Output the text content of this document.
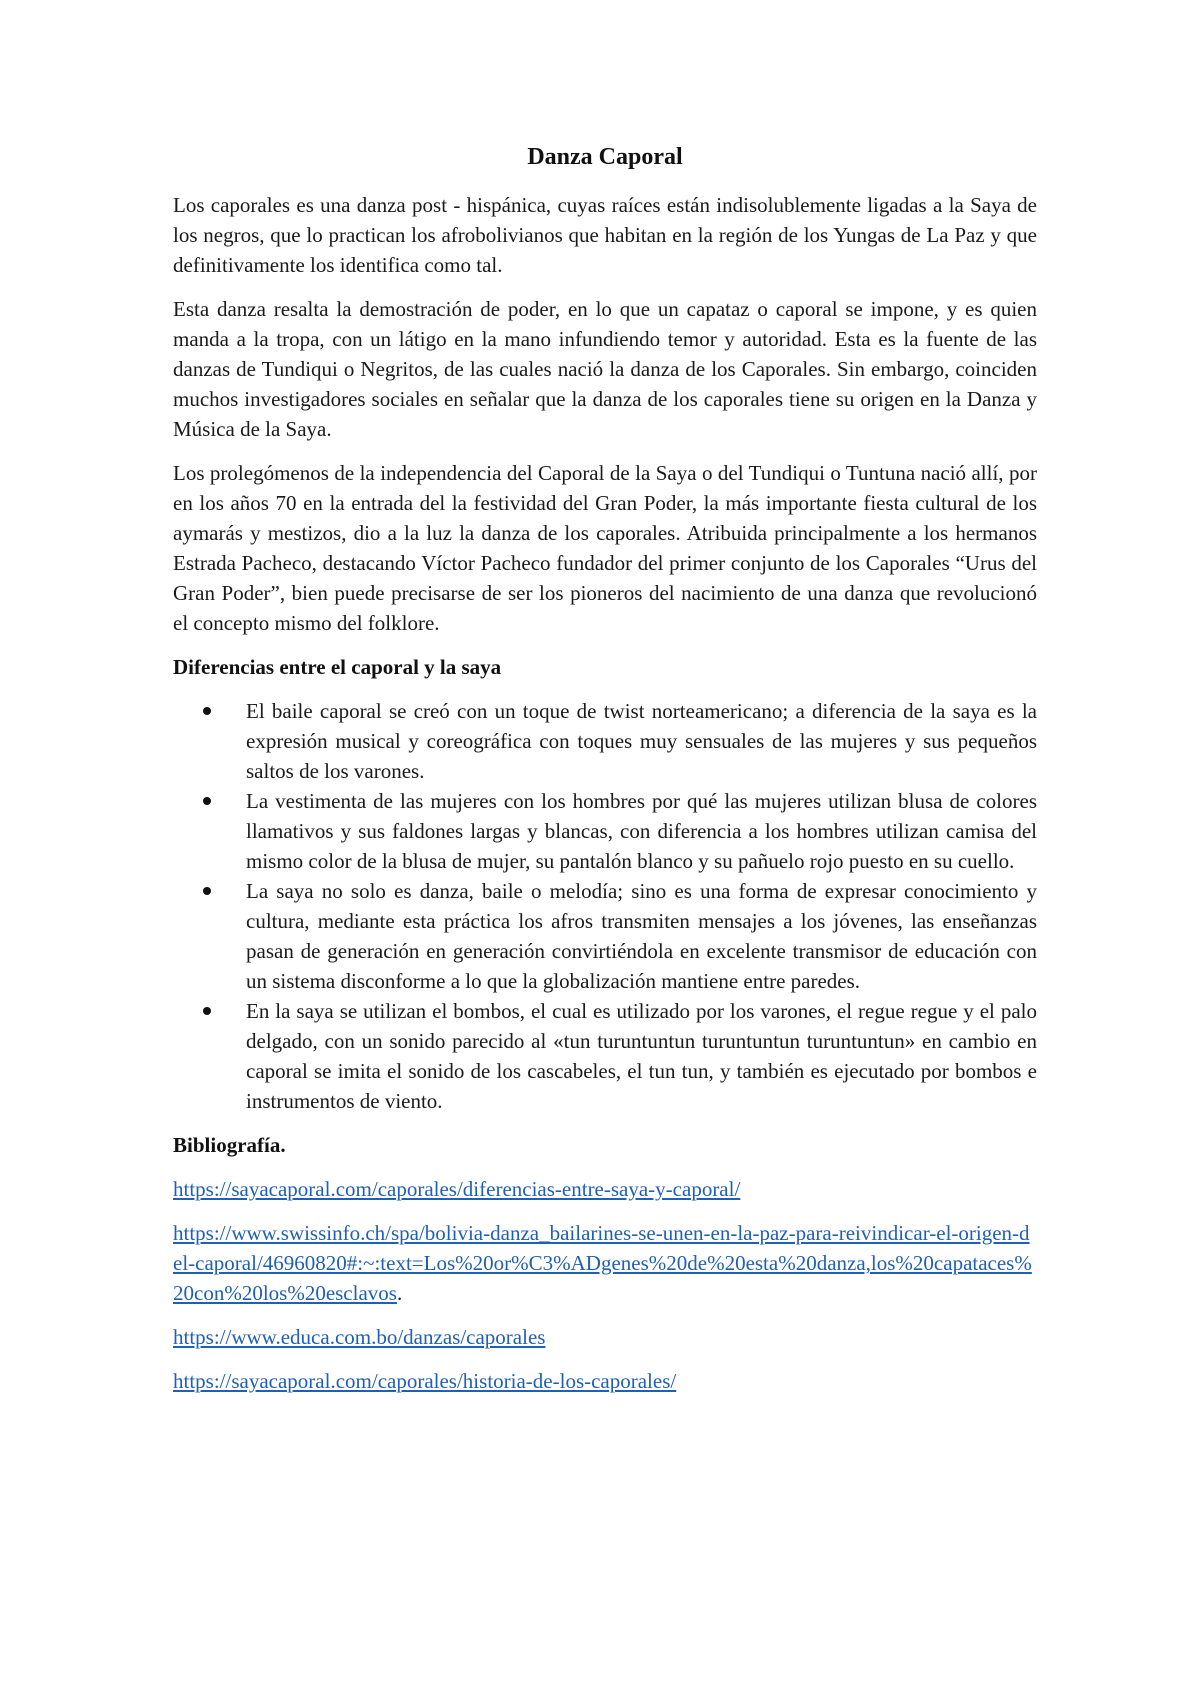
Danza Caporal

Los caporales es una danza post - hispánica, cuyas raíces están indisolublemente ligadas a la Saya de los negros, que lo practican los afrobolivianos que habitan en la región de los Yungas de La Paz y que definitivamente los identifica como tal.

Esta danza resalta la demostración de poder, en lo que un capataz o caporal se impone, y es quien manda a la tropa, con un látigo en la mano infundiendo temor y autoridad. Esta es la fuente de las danzas de Tundiqui o Negritos, de las cuales nació la danza de los Caporales. Sin embargo, coinciden muchos investigadores sociales en señalar que la danza de los caporales tiene su origen en la Danza y Música de la Saya.

Los prolegómenos de la independencia del Caporal de la Saya o del Tundiqui o Tuntuna nació allí, por en los años 70 en la entrada del la festividad del Gran Poder, la más importante fiesta cultural de los aymarás y mestizos, dio a la luz la danza de los caporales. Atribuida principalmente a los hermanos Estrada Pacheco, destacando Víctor Pacheco fundador del primer conjunto de los Caporales “Urus del Gran Poder”, bien puede precisarse de ser los pioneros del nacimiento de una danza que revolucionó el concepto mismo del folklore.

Diferencias entre el caporal y la saya
El baile caporal se creó con un toque de twist norteamericano; a diferencia de la saya es la expresión musical y coreográfica con toques muy sensuales de las mujeres y sus pequeños saltos de los varones.
La vestimenta de las mujeres con los hombres por qué las mujeres utilizan blusa de colores llamativos y sus faldones largas y blancas, con diferencia a los hombres utilizan camisa del mismo color de la blusa de mujer, su pantalón blanco y su pañuelo rojo puesto en su cuello.
La saya no solo es danza, baile o melodía; sino es una forma de expresar conocimiento y cultura, mediante esta práctica los afros transmiten mensajes a los jóvenes, las enseñanzas pasan de generación en generación convirtiéndola en excelente transmisor de educación con un sistema disconforme a lo que la globalización mantiene entre paredes.
En la saya se utilizan el bombos, el cual es utilizado por los varones, el regue regue y el palo delgado, con un sonido parecido al «tun turuntuntun turuntuntun turuntuntun» en cambio en caporal se imita el sonido de los cascabeles, el tun tun, y también es ejecutado por bombos e instrumentos de viento.
Bibliografía.

https://sayacaporal.com/caporales/diferencias-entre-saya-y-caporal/

https://www.swissinfo.ch/spa/bolivia-danza_bailarines-se-unen-en-la-paz-para-reivindicar-el-origen-del-caporal/46960820#:~:text=Los%20or%C3%ADgenes%20de%20esta%20danza,los%20capataces%20con%20los%20esclavos.

https://www.educa.com.bo/danzas/caporales

https://sayacaporal.com/caporales/historia-de-los-caporales/
